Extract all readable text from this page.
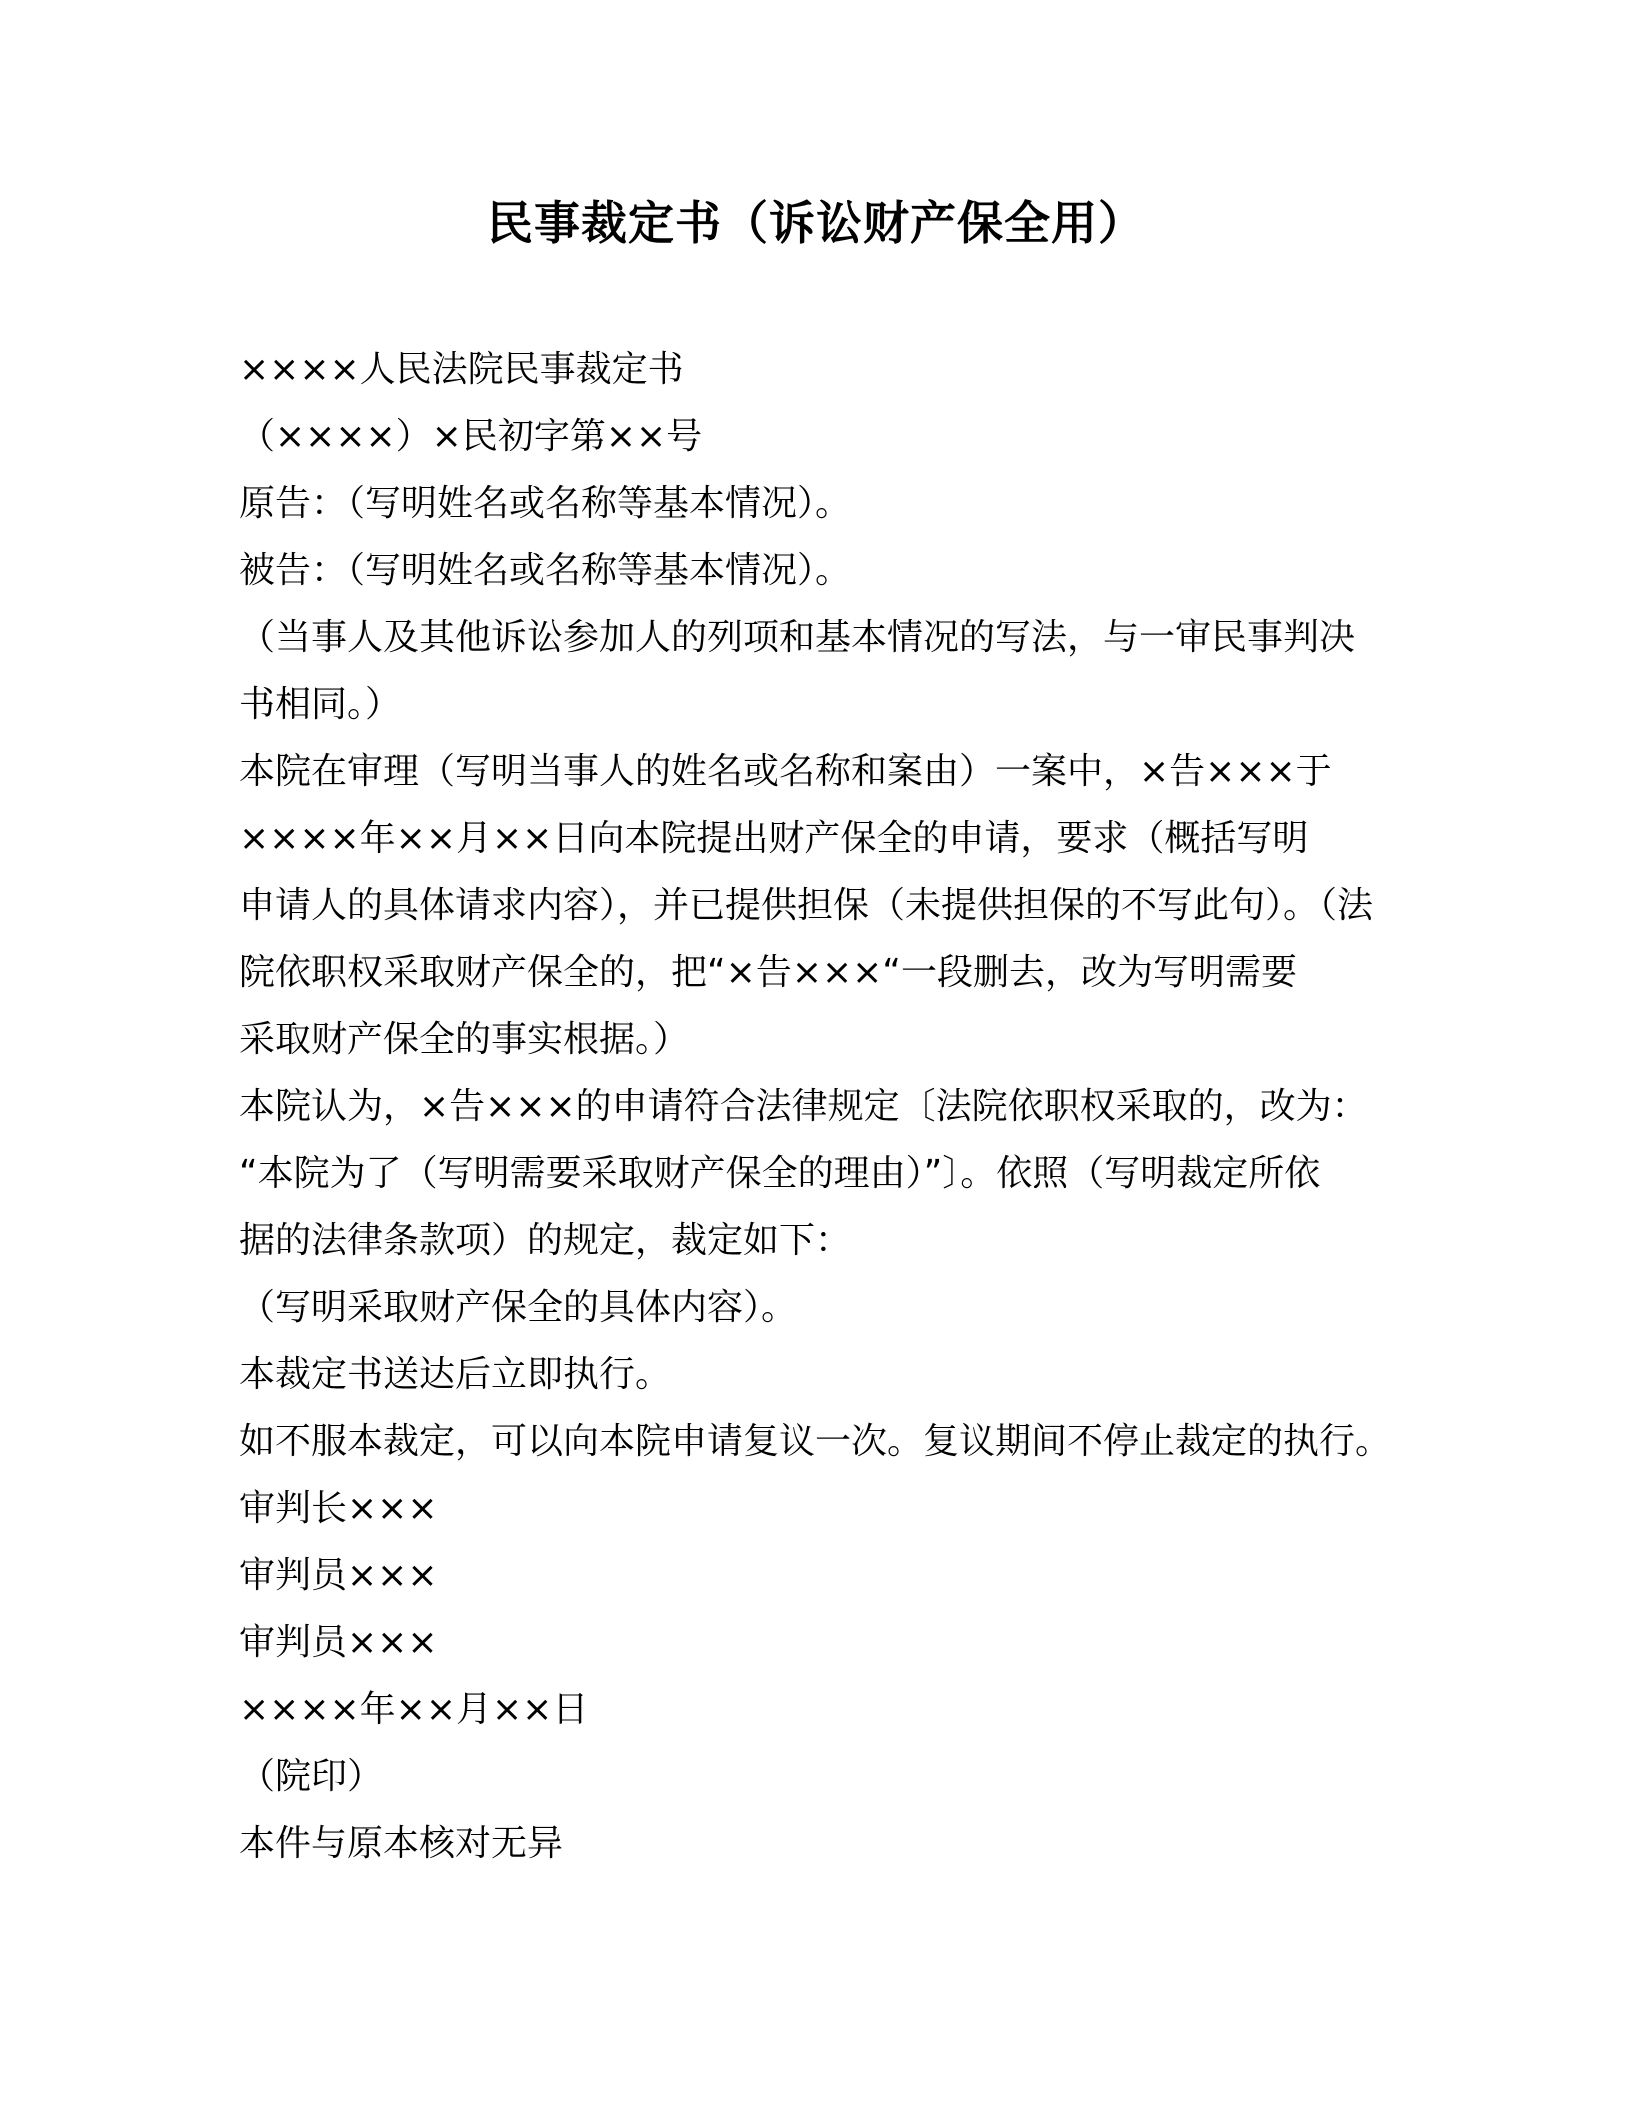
民事裁定书（诉讼财产保全用）
××××人民法院民事裁定书
（××××）×民初字第××号
原告：（写明姓名或名称等基本情况）。
被告：（写明姓名或名称等基本情况）。
（当事人及其他诉讼参加人的列项和基本情况的写法，与一审民事判决
书相同。）
本院在审理（写明当事人的姓名或名称和案由）一案中，×告×××于
××××年××月××日向本院提出财产保全的申请，要求（概括写明
申请人的具体请求内容），并已提供担保（未提供担保的不写此句）。（法
院依职权采取财产保全的，把“×告×××“一段删去，改为写明需要
采取财产保全的事实根据。）
本院认为，×告×××的申请符合法律规定〔法院依职权采取的，改为：
“本院为了（写明需要采取财产保全的理由）”〕。依照（写明裁定所依
据的法律条款项）的规定，裁定如下：
（写明采取财产保全的具体内容）。
本裁定书送达后立即执行。
如不服本裁定，可以向本院申请复议一次。复议期间不停止裁定的执行。
审判长×××
审判员×××
审判员×××
××××年××月××日
（院印）
本件与原本核对无异
